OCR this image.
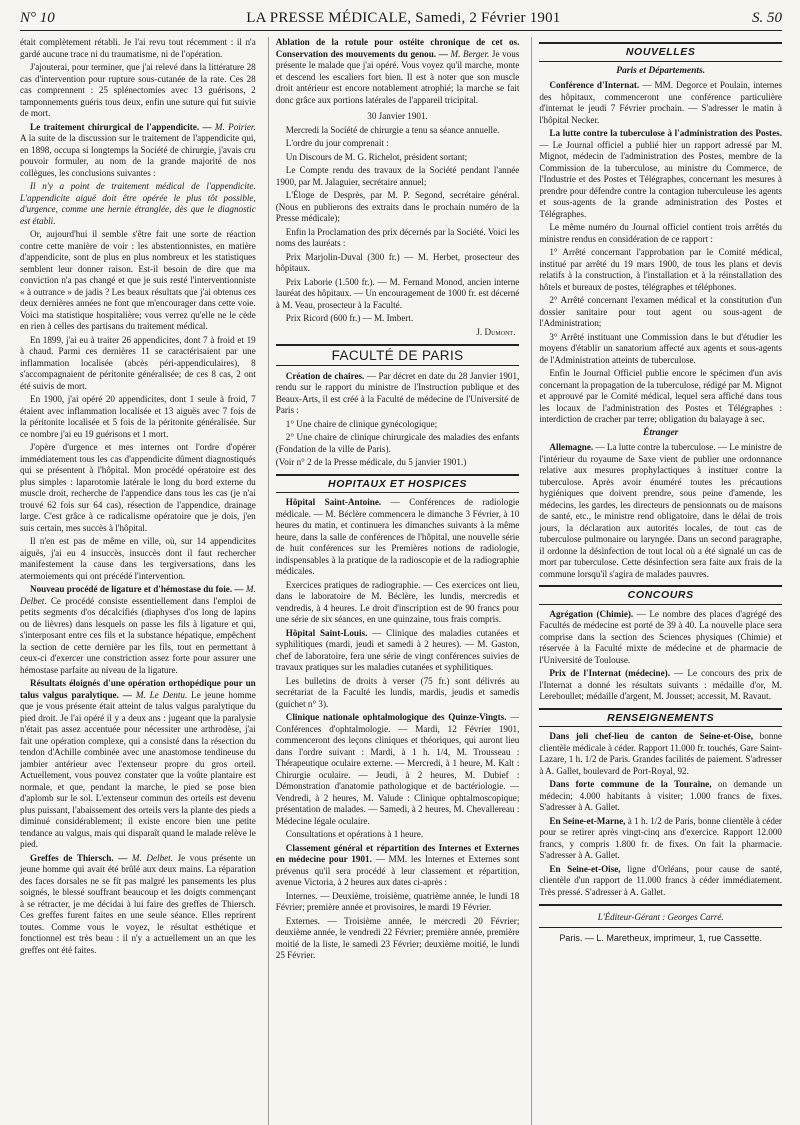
N° 10	LA PRESSE MÉDICALE, Samedi, 2 Février 1901	S. 50

était complètement rétabli. Je l'ai revu tout récemment : il n'a gardé aucune trace ni du traumatisme, ni de l'opération.

J'ajouterai, pour terminer, que j'ai relevé dans la littérature 28 cas d'intervention pour rupture sous-cutanée de la rate. Ces 28 cas comprennent : 25 splénectomies avec 13 guérisons, 2 tamponnements guéris tous deux, enfin une suture qui fut suivie de mort.

Le traitement chirurgical de l'appendicite. — M. Poirier. A la suite de la discussion sur le traitement de l'appendicite qui, en 1898, occupa si longtemps la Société de chirurgie, j'avais cru pouvoir formuler, au nom de la grande majorité de nos collègues, les conclusions suivantes :

Il n'y a point de traitement médical de l'appendicite. L'appendicite aiguë doit être opérée le plus tôt possible, d'urgence, comme une hernie étranglée, dès que le diagnostic est établi.

Or, aujourd'hui il semble s'être fait une sorte de réaction contre cette manière de voir : les abstentionnistes, en matière d'appendicite, sont de plus en plus nombreux et les statistiques semblent leur donner raison. Est-il besoin de dire que ma conviction n'a pas changé et que je suis resté l'interventionniste « à outrance » de jadis ? Les beaux résultats que j'ai obtenus ces deux dernières années ne font que m'encourager dans cette voie. Voici ma statistique hospitalière; vous verrez qu'elle ne le cède en rien à celles des partisans du traitement médical.

En 1899, j'ai eu à traiter 26 appendicites, dont 7 à froid et 19 à chaud. Parmi ces dernières 11 se caractérisaient par une inflammation localisée (abcès péri-appendiculaires), 8 s'accompagnaient de péritonite généralisée; de ces 8 cas, 2 ont été suivis de mort.

En 1900, j'ai opéré 20 appendicites, dont 1 seule à froid, 7 étaient avec inflammation localisée et 13 aiguës avec 7 fois de la péritonite localisée et 5 fois de la péritonite généralisée. Sur ce nombre j'ai eu 19 guérisons et 1 mort.

J'opère d'urgence et mes internes ont l'ordre d'opérer immédiatement tous les cas d'appendicite dûment diagnostiqués qui se présentent à l'hôpital. Mon procédé opératoire est des plus simples : laparotomie latérale le long du bord externe du muscle droit, recherche de l'appendice dans tous les cas (je n'ai trouvé 62 fois sur 64 cas), résection de l'appendice, drainage large. C'est grâce à ce radicalisme opératoire que je dois, j'en suis certain, mes succès à l'hôpital.

Il n'en est pas de même en ville, où, sur 14 appendicites aiguës, j'ai eu 4 insuccès, insuccès dont il faut rechercher manifestement la cause dans les tergiversations, dans les atermoiements qui ont précédé l'intervention.

Nouveau procédé de ligature et d'hémostase du foie. — M. Delbet. Ce procédé consiste essentiellement dans l'emploi de petits segments d'os décalcifiés (diaphyses d'os long de lapins ou de lièvres) dans lesquels on passe les fils à ligature et qui, s'interposant entre ces fils et la substance hépatique, empêchent la section de cette dernière par les fils, tout en permettant à ceux-ci d'exercer une constriction assez forte pour assurer une hémostase parfaite au niveau de la ligature.

Résultats éloignés d'une opération orthopédique pour un talus valgus paralytique. — M. Le Dentu. Le jeune homme que je vous présente était atteint de talus valgus paralytique du pied droit. Je l'ai opéré il y a deux ans : jugeant que la paralysie n'était pas assez accentuée pour nécessiter une arthrodèse, j'ai fait une opération complexe, qui a consisté dans la résection du tendon d'Achille combinée avec une anastomose tendineuse du jambier antérieur avec l'extenseur propre du gros orteil. Actuellement, vous pouvez constater que la voûte plantaire est normale, et que, pendant la marche, le pied se pose bien d'aplomb sur le sol. L'extenseur commun des orteils est devenu plus puissant, l'abaissement des orteils vers la plante des pieds a diminué considérablement; il existe encore bien une petite tendance au valgus, mais qui disparaît quand le malade relève le pied.

Greffes de Thiersch. — M. Delbet. Je vous présente un jeune homme qui avait été brûlé aux deux mains. La réparation des faces dorsales ne se fit pas malgré les pansements les plus soignés, le blessé souffrant beaucoup et les doigts commençant à se rétracter, je me décidai à lui faire des greffes de Thiersch. Ces greffes furent faites en une seule séance. Elles reprirent toutes. Comme vous le voyez, le résultat esthétique et fonctionnel est très beau : il n'y a actuellement un an que les greffes ont été faites.

Ablation de la rotule pour ostéite chronique de cet os. Conservation des mouvements du genou. — M. Berger. Je vous présente le malade que j'ai opéré. Vous voyez qu'il marche, monte et descend les escaliers fort bien. Il est à noter que son muscle droit antérieur est encore notablement atrophié; la marche se fait donc grâce aux portions latérales de l'appareil tricipital.

30 Janvier 1901.

Mercredi la Société de chirurgie a tenu sa séance annuelle.

L'ordre du jour comprenait :

Un Discours de M. G. Richelot, président sortant;

Le Compte rendu des travaux de la Société pendant l'année 1900, par M. Jalaguier, secrétaire annuel;

L'Éloge de Desprès, par M. P. Segond, secrétaire général. (Nous en publierons des extraits dans le prochain numéro de la Presse médicale);

Enfin la Proclamation des prix décernés par la Société. Voici les noms des lauréats :

Prix Marjolin-Duval (300 fr.) — M. Herbet, prosecteur des hôpitaux.

Prix Laborie (1.500 fr.). — M. Fernand Monod, ancien interne lauréat des hôpitaux. — Un encouragement de 1000 fr. est décerné à M. Veau, prosecteur à la Faculté.

Prix Ricord (600 fr.) — M. Imbert.

J. Dumont.
FACULTÉ DE PARIS

Création de chaires. — Par décret en date du 28 Janvier 1901, rendu sur le rapport du ministre de l'Instruction publique et des Beaux-Arts, il est créé à la Faculté de médecine de l'Université de Paris :

1° Une chaire de clinique gynécologique;

2° Une chaire de clinique chirurgicale des maladies des enfants (Fondation de la ville de Paris).

(Voir n° 2 de la Presse médicale, du 5 janvier 1901.)

HOPITAUX ET HOSPICES

Hôpital Saint-Antoine. — Conférences de radiologie médicale. — M. Béclère commencera le dimanche 3 Février, à 10 heures du matin, et continuera les dimanches suivants à la même heure, dans la salle de conférences de l'hôpital, une nouvelle série de huit conférences sur les Premières notions de radiologie, indispensables à la pratique de la radioscopie et de la radiographie médicales.

Exercices pratiques de radiographie. — Ces exercices ont lieu, dans le laboratoire de M. Béclère, les lundis, mercredis et vendredis, à 4 heures. Le droit d'inscription est de 90 francs pour une série de six séances, en une quinzaine, tous frais compris.

Hôpital Saint-Louis. — Clinique des maladies cutanées et syphilitiques (mardi, jeudi et samedi à 2 heures). — M. Gaston, chef de laboratoire, fera une série de vingt conférences suivies de travaux pratiques sur les maladies cutanées et syphilitiques.

Les bulletins de droits à verser (75 fr.) sont délivrés au secrétariat de la Faculté les lundis, mardis, jeudis et samedis (guichet n° 3).

Clinique nationale ophtalmologique des Quinze-Vingts. — Conférences d'ophtalmologie. — Mardi, 12 Février 1901, commenceront des leçons cliniques et théoriques, qui auront lieu dans l'ordre suivant : Mardi, à 1 h. 1/4, M. Trousseau : Thérapeutique oculaire externe. — Mercredi, à 1 heure, M. Kalt : Chirurgie oculaire. — Jeudi, à 2 heures, M. Dubief : Démonstration d'anatomie pathologique et de bactériologie. — Vendredi, à 2 heures, M. Valude : Clinique ophtalmoscopique; présentation de malades. — Samedi, à 2 heures, M. Chevallereau : Médecine légale oculaire.

Consultations et opérations à 1 heure.

Classement général et répartition des Internes et Externes en médecine pour 1901. — MM. les Internes et Externes sont prévenus qu'il sera procédé à leur classement et répartition, avenue Victoria, à 2 heures aux dates ci-après :

Internes. — Deuxième, troisième, quatrième année, le lundi 18 Février; première année et provisoires, le mardi 19 Février.

Externes. — Troisième année, le mercredi 20 Février; deuxième année, le vendredi 22 Février; première année, première moitié de la liste, le samedi 23 Février; deuxième moitié, le lundi 25 Février.

NOUVELLES
Paris et Départements.

Conférence d'Internat. — MM. Degorce et Poulain, internes des hôpitaux, commenceront une conférence particulière d'internat le jeudi 7 Février prochain. — S'adresser le matin à l'hôpital Necker.

La lutte contre la tuberculose à l'administration des Postes. — Le Journal officiel a publié hier un rapport adressé par M. Mignot, médecin de l'administration des Postes, membre de la Commission de la tuberculose, au ministre du Commerce, de l'Industrie et des Postes et Télégraphes, concernant les mesures à prendre pour défendre contre la contagion tuberculeuse les agents et sous-agents de la grande administration des Postes et Télégraphes.

Le même numéro du Journal officiel contient trois arrêtés du ministre rendus en considération de ce rapport :

1° Arrêté concernant l'approbation par le Comité médical, institué par arrêté du 19 mars 1900, de tous les plans et devis relatifs à la construction, à l'installation et à la réinstallation des hôtels et bureaux de postes, télégraphes et téléphones.

2° Arrêté concernant l'examen médical et la constitution d'un dossier sanitaire pour tout agent ou sous-agent de l'Administration;

3° Arrêté instituant une Commission dans le but d'étudier les moyens d'établir un sanatorium affecté aux agents et sous-agents de l'Administration atteints de tuberculose.

Enfin le Journal Officiel publie encore le spécimen d'un avis concernant la propagation de la tuberculose, rédigé par M. Mignot et approuvé par le Comité médical, lequel sera affiché dans tous les locaux de l'administration des Postes et Télégraphes : interdiction de cracher par terre; obligation du balayage à sec.

Étranger

Allemagne. — La lutte contre la tuberculose. — Le ministre de l'intérieur du royaume de Saxe vient de publier une ordonnance relative aux mesures prophylactiques à instituer contre la tuberculose. Après avoir énuméré toutes les précautions hygiéniques que doivent prendre, sous peine d'amende, les médecins, les gardes, les directeurs de pensionnats ou de maisons de santé, etc., le ministre rend obligatoire, dans le délai de trois jours, la déclaration aux autorités locales, de tout cas de tuberculose pulmonaire ou laryngée. Dans un second paragraphe, il ordonne la désinfection de tout local où a été signalé un cas de mort par tuberculose. Cette désinfection sera faite aux frais de la commune lorsqu'il s'agira de malades pauvres.

CONCOURS

Agrégation (Chimie). — Le nombre des places d'agrégé des Facultés de médecine est porté de 39 à 40. La nouvelle place sera comprise dans la section des Sciences physiques (Chimie) et réservée à la Faculté mixte de médecine et de pharmacie de l'Université de Toulouse.

Prix de l'Internat (médecine). — Le concours des prix de l'Internat a donné les résultats suivants : médaille d'or, M. Lereboullet; médaille d'argent, M. Jousset; accessit, M. Ravaut.

RENSEIGNEMENTS

Dans joli chef-lieu de canton de Seine-et-Oise, bonne clientèle médicale à céder. Rapport 11.000 fr. touchés, Gare Saint-Lazare, 1 h. 1/2 de Paris. Grandes facilités de paiement. S'adresser à A. Gallet, boulevard de Port-Royal, 92.

Dans forte commune de la Touraine, on demande un médecin; 4.000 habitants à visiter; 1.000 francs de fixes. S'adresser à A. Gallet.

En Seine-et-Marne, à 1 h. 1/2 de Paris, bonne clientèle à céder pour se retirer après vingt-cinq ans d'exercice. Rapport 12.000 francs, y compris 1.800 fr. de fixes. On fait la pharmacie. S'adresser à A. Gallet.

En Seine-et-Oise, ligne d'Orléans, pour cause de santé, clientèle d'un rapport de 11.000 francs à céder immédiatement. Très pressé. S'adresser à A. Gallet.

L'Éditeur-Gérant : Georges Carré.
Paris. — L. Maretheux, imprimeur, 1, rue Cassette.
